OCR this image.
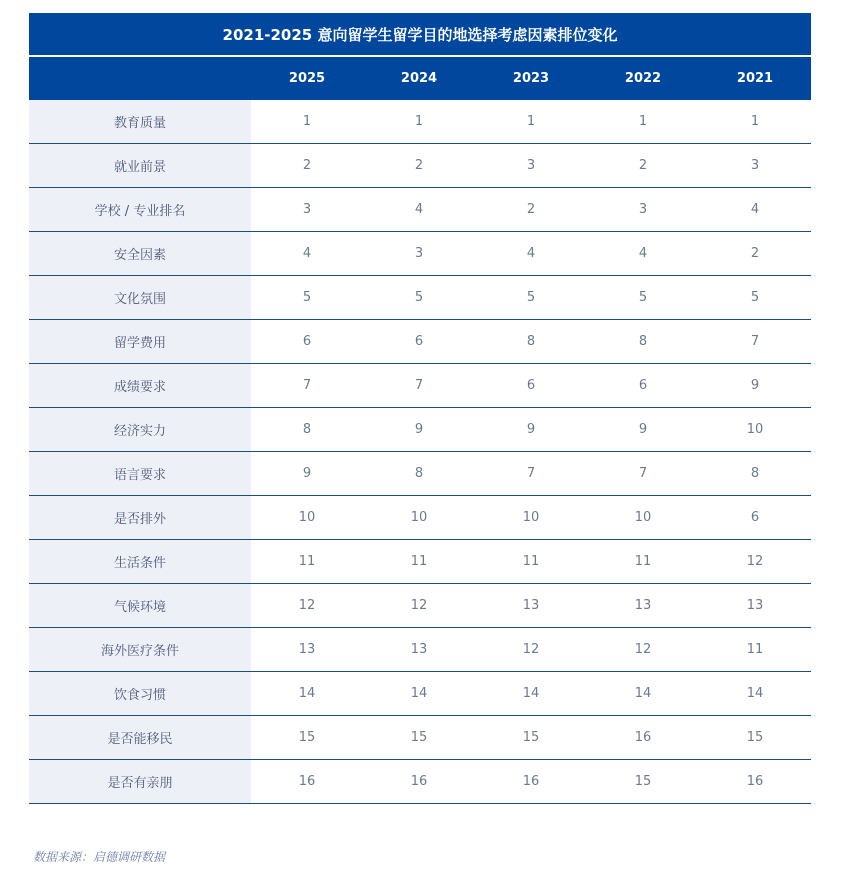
2021-2025 意向留学生留学目的地选择考虑因素排位变化
	2025	2024	2023	2022	2021
教育质量	1	1	1	1	1
就业前景	2	2	3	2	3
学校 / 专业排名	3	4	2	3	4
安全因素	4	3	4	4	2
文化氛围	5	5	5	5	5
留学费用	6	6	8	8	7
成绩要求	7	7	6	6	9
经济实力	8	9	9	9	10
语言要求	9	8	7	7	8
是否排外	10	10	10	10	6
生活条件	11	11	11	11	12
气候环境	12	12	13	13	13
海外医疗条件	13	13	12	12	11
饮食习惯	14	14	14	14	14
是否能移民	15	15	15	16	15
是否有亲朋	16	16	16	15	16
数据来源：启德调研数据
